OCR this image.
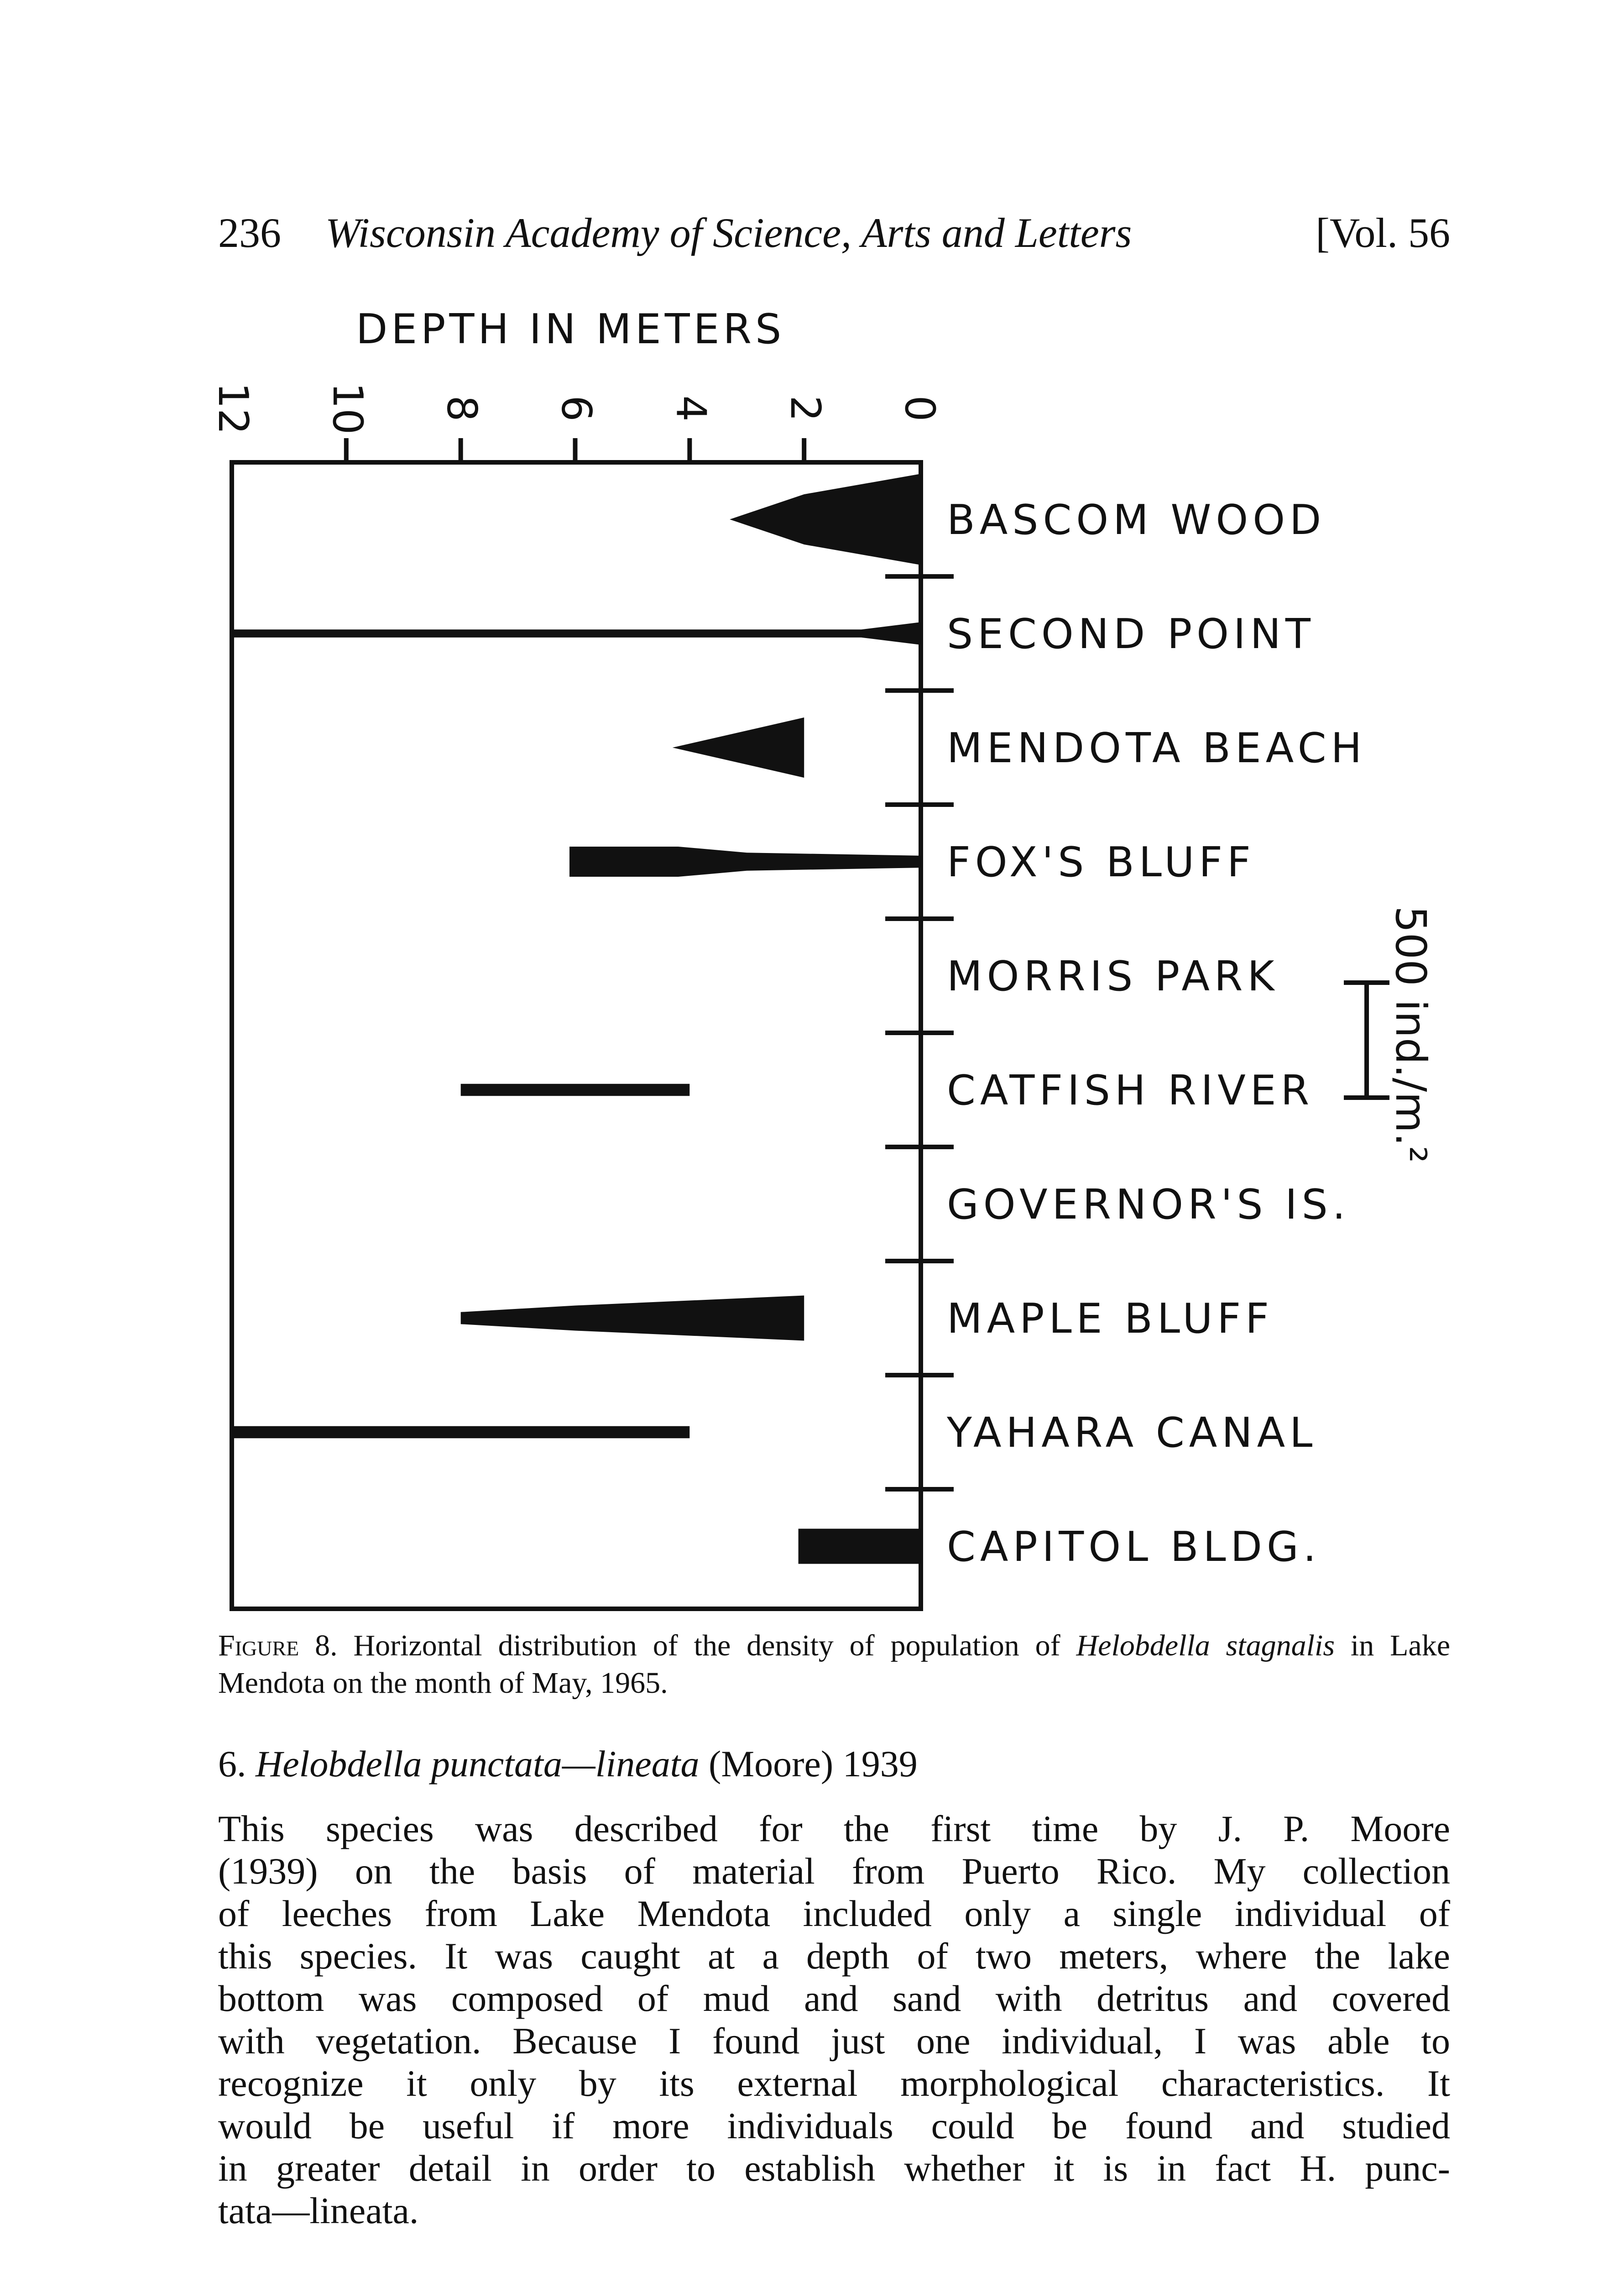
236 Wisconsin Academy of Science, Arts and Letters	[Vol. 56
DEPTH IN METERS
12 10 8 6 4 2 0
BASCOM WOOD
SECOND POINT
MENDOTA BEACH
FOX'S BLUFF
MORRIS PARK
CATFISH RIVER
GOVERNOR'S IS.
MAPLE BLUFF
YAHARA CANAL
CAPITOL BLDG.
500 ind./m.²
Figure 8. Horizontal distribution of the density of population of Helobdella stagnalis in Lake Mendota on the month of May, 1965.
6. Helobdella punctata—lineata (Moore) 1939
This species was described for the first time by J. P. Moore
(1939) on the basis of material from Puerto Rico. My collection
of leeches from Lake Mendota included only a single individual of
this species. It was caught at a depth of two meters, where the lake
bottom was composed of mud and sand with detritus and covered
with vegetation. Because I found just one individual, I was able to
recognize it only by its external morphological characteristics. It
would be useful if more individuals could be found and studied
in greater detail in order to establish whether it is in fact H. punc-
tata—lineata.
